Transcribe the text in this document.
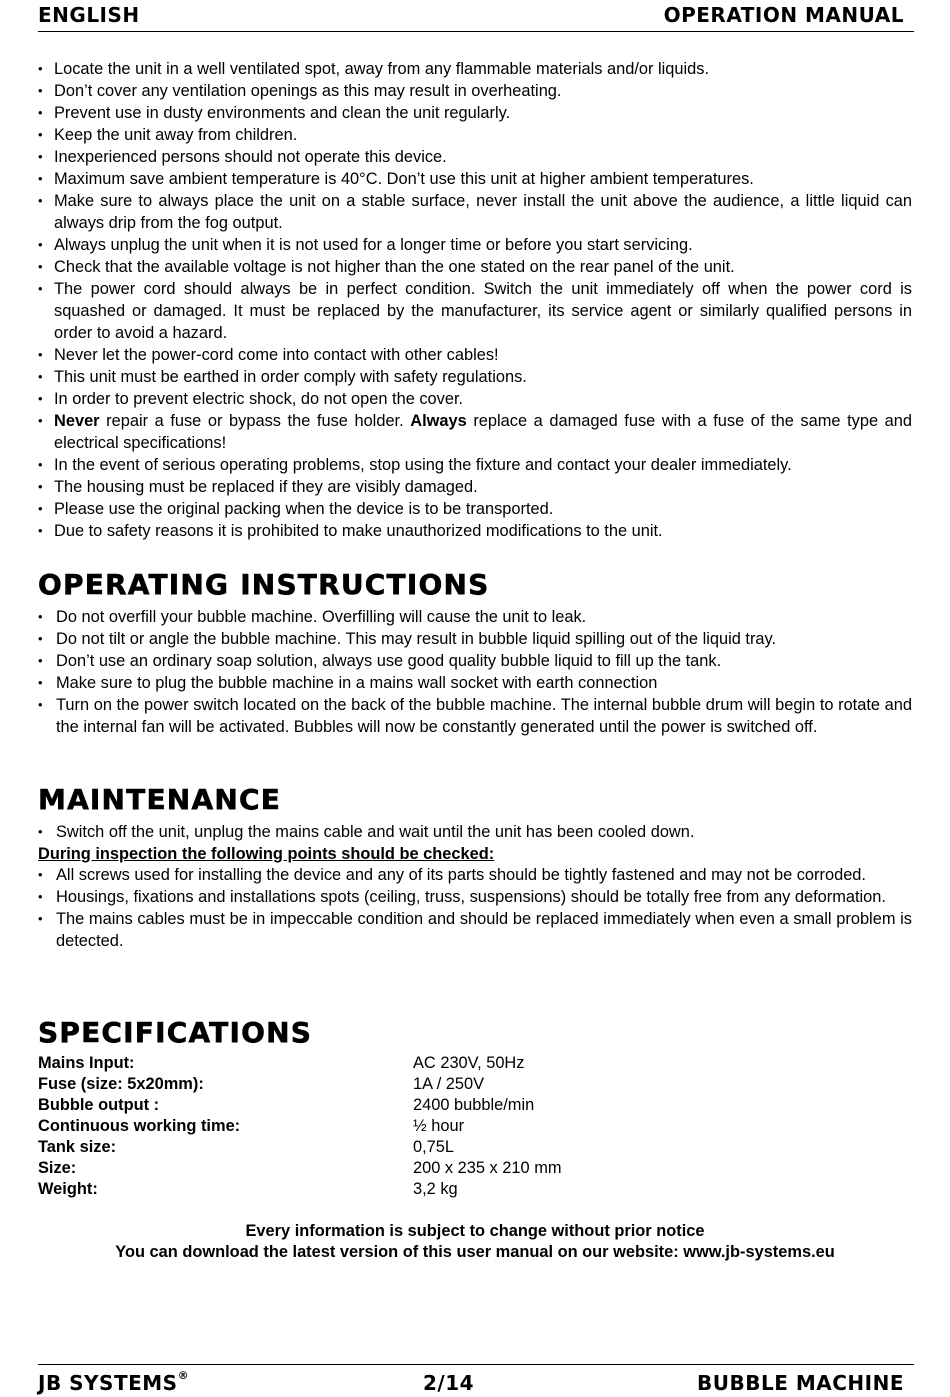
ENGLISH	OPERATION MANUAL
• Locate the unit in a well ventilated spot, away from any flammable materials and/or liquids.
• Don’t cover any ventilation openings as this may result in overheating.
• Prevent use in dusty environments and clean the unit regularly.
• Keep the unit away from children.
• Inexperienced persons should not operate this device.
• Maximum save ambient temperature is 40°C. Don’t use this unit at higher ambient temperatures.
• Make sure to always place the unit on a stable surface, never install the unit above the audience, a little liquid can always drip from the fog output.
• Always unplug the unit when it is not used for a longer time or before you start servicing.
• Check that the available voltage is not higher than the one stated on the rear panel of the unit.
• The power cord should always be in perfect condition. Switch the unit immediately off when the power cord is squashed or damaged. It must be replaced by the manufacturer, its service agent or similarly qualified persons in order to avoid a hazard.
• Never let the power-cord come into contact with other cables!
• This unit must be earthed in order comply with safety regulations.
• In order to prevent electric shock, do not open the cover.
• Never repair a fuse or bypass the fuse holder. Always replace a damaged fuse with a fuse of the same type and electrical specifications!
• In the event of serious operating problems, stop using the fixture and contact your dealer immediately.
• The housing must be replaced if they are visibly damaged.
• Please use the original packing when the device is to be transported.
• Due to safety reasons it is prohibited to make unauthorized modifications to the unit.
OPERATING INSTRUCTIONS
• Do not overfill your bubble machine. Overfilling will cause the unit to leak.
• Do not tilt or angle the bubble machine. This may result in bubble liquid spilling out of the liquid tray.
• Don’t use an ordinary soap solution, always use good quality bubble liquid to fill up the tank.
• Make sure to plug the bubble machine in a mains wall socket with earth connection
• Turn on the power switch located on the back of the bubble machine. The internal bubble drum will begin to rotate and the internal fan will be activated. Bubbles will now be constantly generated until the power is switched off.
MAINTENANCE
• Switch off the unit, unplug the mains cable and wait until the unit has been cooled down.
During inspection the following points should be checked:
• All screws used for installing the device and any of its parts should be tightly fastened and may not be corroded.
• Housings, fixations and installations spots (ceiling, truss, suspensions) should be totally free from any deformation.
• The mains cables must be in impeccable condition and should be replaced immediately when even a small problem is detected.
SPECIFICATIONS
Mains Input:	AC 230V, 50Hz
Fuse (size: 5x20mm):	1A / 250V
Bubble output :	2400 bubble/min
Continuous working time:	½ hour
Tank size:	0,75L
Size:	200 x 235 x 210 mm
Weight:	3,2 kg
Every information is subject to change without prior notice
You can download the latest version of this user manual on our website: www.jb-systems.eu
JB SYSTEMS®	2/14	BUBBLE MACHINE
